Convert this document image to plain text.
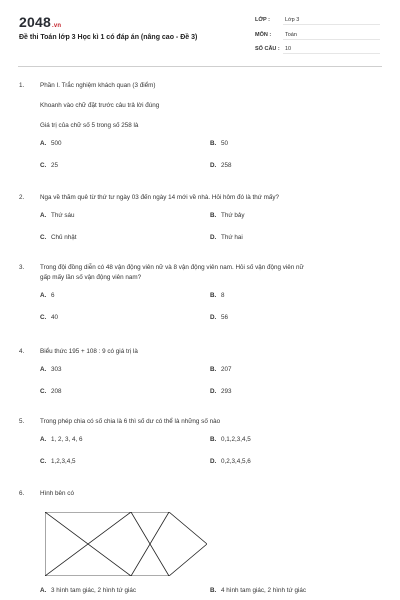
2048.vn
Đề thi Toán lớp 3 Học kì 1 có đáp án (nâng cao - Đề 3)
LỚP :	Lớp 3
MÔN :	Toán
SỐ CÂU : 10
1.	Phần I. Trắc nghiệm khách quan (3 điểm)
Khoanh vào chữ đặt trước câu trả lời đúng
Giá trị của chữ số 5 trong số 258 là
A. 500	B. 50
C. 25	D. 258
2.	Nga về thăm quê từ thứ tư ngày 03 đến ngày 14 mới về nhà. Hỏi hôm đó là thứ mấy?
A. Thứ sáu	B. Thứ bảy
C. Chủ nhật	D. Thứ hai
3.	Trong đội đồng diễn có 48 vận động viên nữ và 8 vận động viên nam. Hỏi số vận động viên nữ
gấp mấy lần số vận động viên nam?
A. 6	B. 8
C. 40	D. 56
4.	Biểu thức 195 + 108 : 9 có giá trị là
A. 303	B. 207
C. 208	D. 293
5.	Trong phép chia có số chia là 6 thì số dư có thể là những số nào
A. 1, 2, 3, 4, 6	B. 0,1,2,3,4,5
C. 1,2,3,4,5	D. 0,2,3,4,5,6
6.	Hình bên có
A. 3 hình tam giác, 2 hình tứ giác	B. 4 hình tam giác, 2 hình tứ giác
